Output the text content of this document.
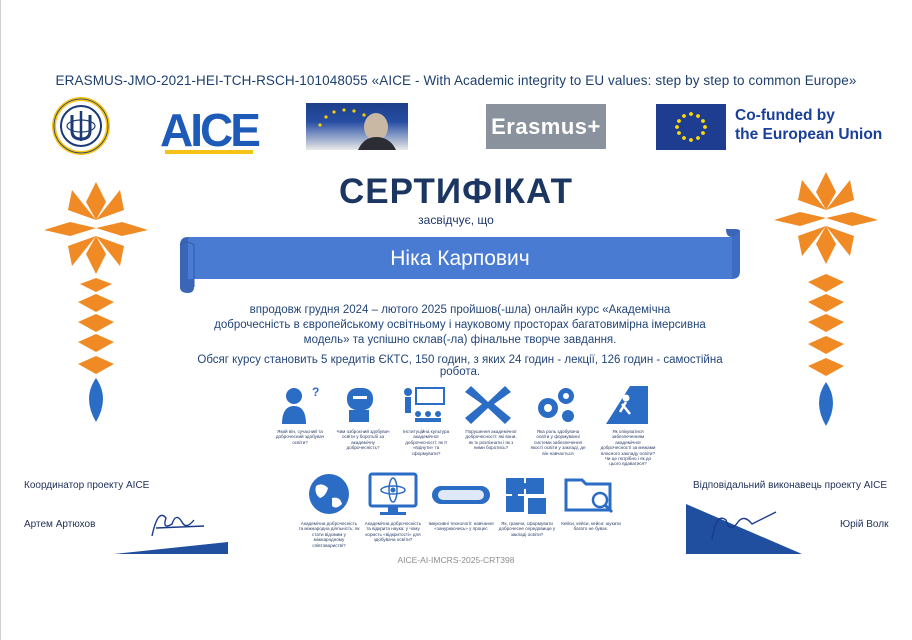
ERASMUS-JMO-2021-HEI-TCH-RSCH-101048055 «AICE - With Academic integrity to EU values: step by step to common Europe»
AICE	Erasmus+	Co-funded by
the European Union
СЕРТИФІКАТ
засвідчує, що
Ніка Карпович
впродовж грудня 2024 – лютого 2025 пройшов(-шла) онлайн курс «Академічна доброчесність в європейському освітньому і науковому просторах багатовимірна імерсивна модель» та успішно склав(-ла) фінальне творче завдання.
Обсяг курсу становить 5 кредитів ЄКТС, 150 годин, з яких 24 годин - лекції, 126 годин - самостійна робота.
?
Який він, сучасний та доброчесний здобувач освіти?
Чим озброєний здобувач освіти у боротьбі за академічну доброчесність?
Інституційна культура академічної доброчесності: як її «віднути» та сформувати?
Порушення академічної доброчесності: які вони, як їх розпізнати і як з ними боротись?
Яка роль здобувача освіти у формуванні системи забезпечення якості освіти у закладі, де він навчається
Як опікуватися забезпеченням академічної доброчесності за межами власного закладу освіти? Чи це потрібно і як до цього вдаватися?
Академічна доброчесність та міжнародна діяльність: як стати відомим у міжнародному співтоваристві?
Академічна доброчесність та відкрита наука: у чому користь «відкритості» для здобувача освіти?
Імерсивні технології: навчання «занурюючись» у процес
Як, граючи, сформувати доброчесне середовище у закладі освіти?
Кейси, кейси, кейси: шукати багато не буває.
Координатор проекту AICE
Артем Артюхов
Відповідальний виконавець проекту AICE
Юрій Волк
AICE-AI-IMCRS-2025-CRT398
